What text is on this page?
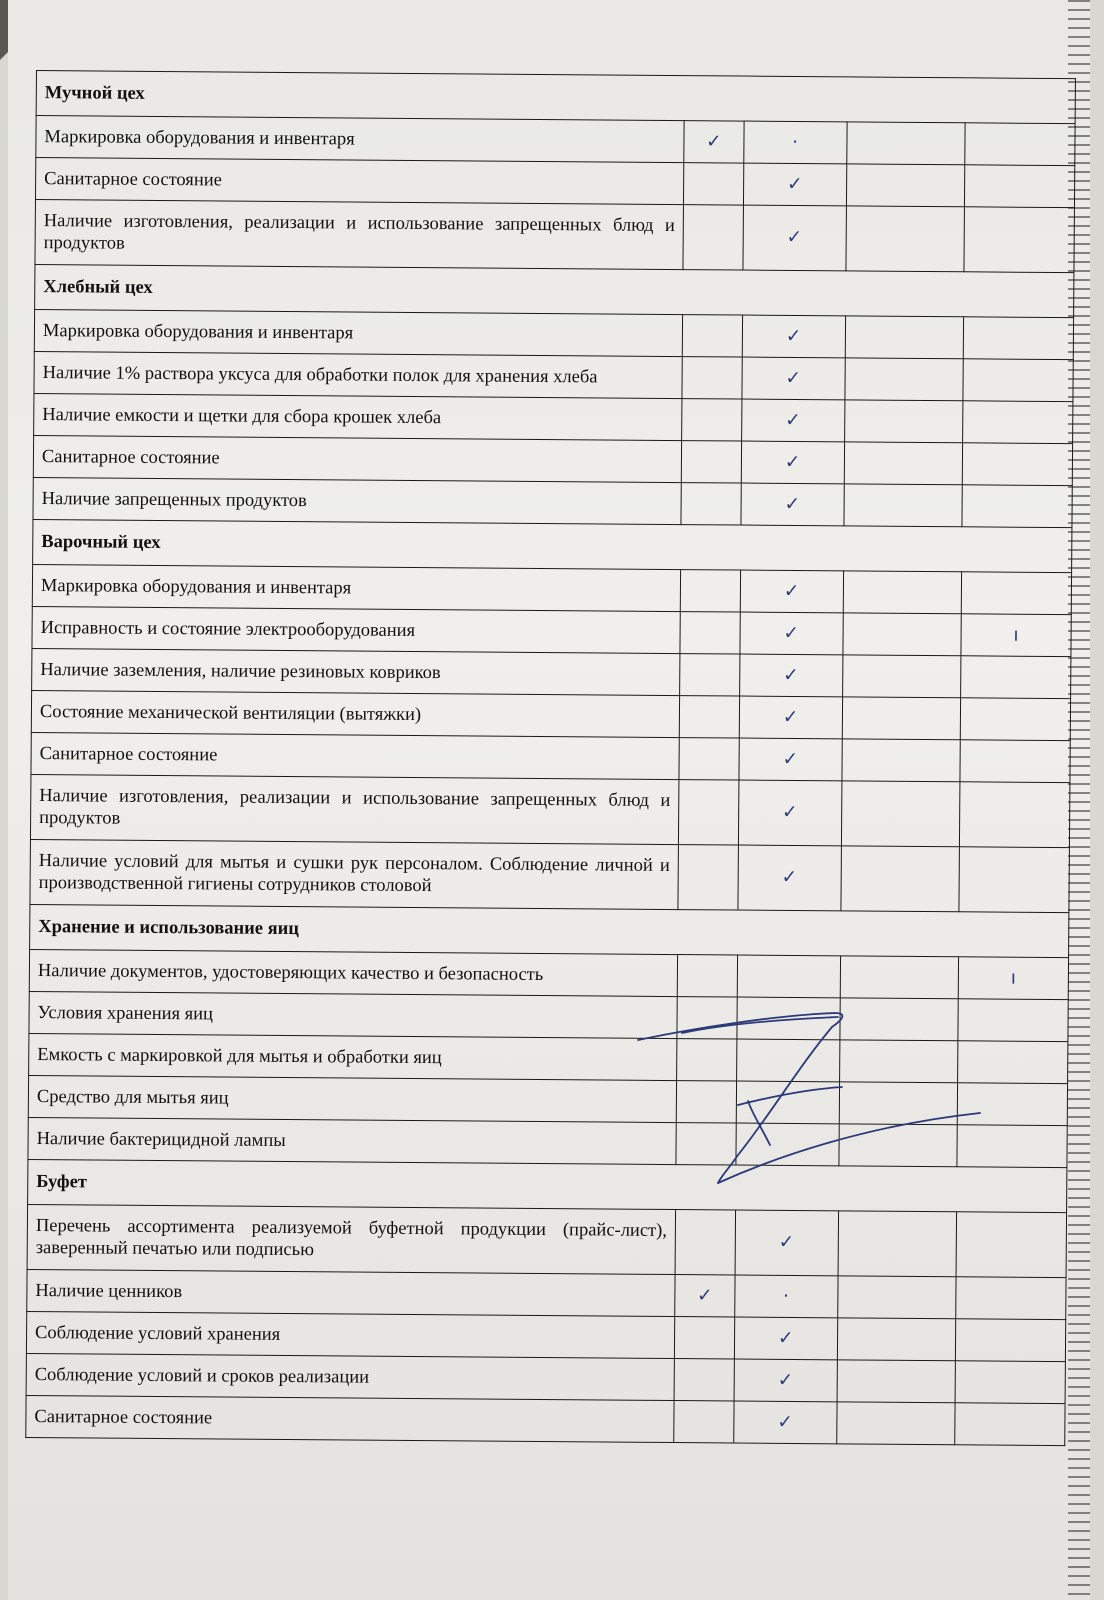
Мучной цех				
Маркировка оборудования и инвентаря	✓	·		
Санитарное состояние		✓		
Наличие изготовления, реализации и использование запрещенных блюд и продуктов		✓		
Хлебный цех				
Маркировка оборудования и инвентаря		✓		
Наличие 1% раствора уксуса для обработки полок для хранения хлеба		✓		
Наличие емкости и щетки для сбора крошек хлеба		✓		
Санитарное состояние		✓		
Наличие запрещенных продуктов		✓		
Варочный цех				
Маркировка оборудования и инвентаря		✓		
Исправность и состояние электрооборудования		✓		ı
Наличие заземления, наличие резиновых ковриков		✓		
Состояние механической вентиляции (вытяжки)		✓		
Санитарное состояние		✓		
Наличие изготовления, реализации и использование запрещенных блюд и продуктов		✓		
Наличие условий для мытья и сушки рук персоналом. Соблюдение личной и производственной гигиены сотрудников столовой		✓		
Хранение и использование яиц				
Наличие документов, удостоверяющих качество и безопасность				ı
Условия хранения яиц				
Емкость с маркировкой для мытья и обработки яиц				
Средство для мытья яиц				
Наличие бактерицидной лампы				
Буфет				
Перечень ассортимента реализуемой буфетной продукции (прайс-лист), заверенный печатью или подписью		✓		
Наличие ценников	✓	·		
Соблюдение условий хранения		✓		
Соблюдение условий и сроков реализации		✓		
Санитарное состояние		✓		
